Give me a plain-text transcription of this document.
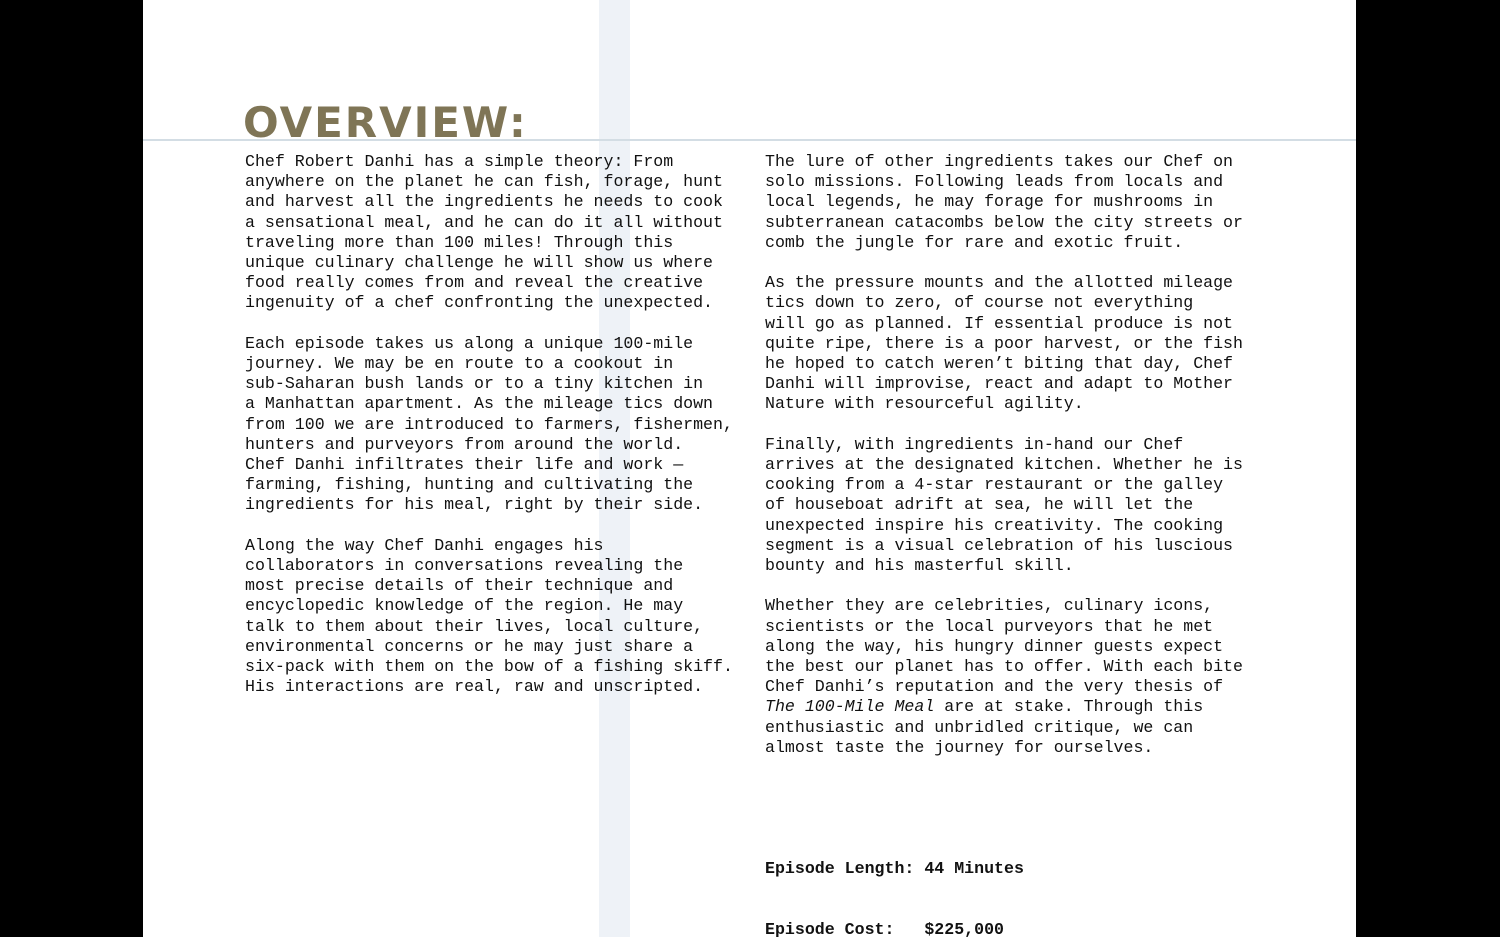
OVERVIEW:

Chef Robert Danhi has a simple theory: From
anywhere on the planet he can fish, forage, hunt
and harvest all the ingredients he needs to cook
a sensational meal, and he can do it all without
traveling more than 100 miles! Through this
unique culinary challenge he will show us where
food really comes from and reveal the creative
ingenuity of a chef confronting the unexpected.

Each episode takes us along a unique 100-mile
journey. We may be en route to a cookout in
sub-Saharan bush lands or to a tiny kitchen in
a Manhattan apartment. As the mileage tics down
from 100 we are introduced to farmers, fishermen,
hunters and purveyors from around the world.
Chef Danhi infiltrates their life and work —
farming, fishing, hunting and cultivating the
ingredients for his meal, right by their side.

Along the way Chef Danhi engages his
collaborators in conversations revealing the
most precise details of their technique and
encyclopedic knowledge of the region. He may
talk to them about their lives, local culture,
environmental concerns or he may just share a
six-pack with them on the bow of a fishing skiff.
His interactions are real, raw and unscripted.

The lure of other ingredients takes our Chef on
solo missions. Following leads from locals and
local legends, he may forage for mushrooms in
subterranean catacombs below the city streets or
comb the jungle for rare and exotic fruit.

As the pressure mounts and the allotted mileage
tics down to zero, of course not everything
will go as planned. If essential produce is not
quite ripe, there is a poor harvest, or the fish
he hoped to catch weren’t biting that day, Chef
Danhi will improvise, react and adapt to Mother
Nature with resourceful agility.

Finally, with ingredients in-hand our Chef
arrives at the designated kitchen. Whether he is
cooking from a 4-star restaurant or the galley
of houseboat adrift at sea, he will let the
unexpected inspire his creativity. The cooking
segment is a visual celebration of his luscious
bounty and his masterful skill.

Whether they are celebrities, culinary icons,
scientists or the local purveyors that he met
along the way, his hungry dinner guests expect
the best our planet has to offer. With each bite
Chef Danhi’s reputation and the very thesis of
The 100-Mile Meal are at stake. Through this
enthusiastic and unbridled critique, we can
almost taste the journey for ourselves.

Episode Length: 44 Minutes

Episode Cost: $225,000
